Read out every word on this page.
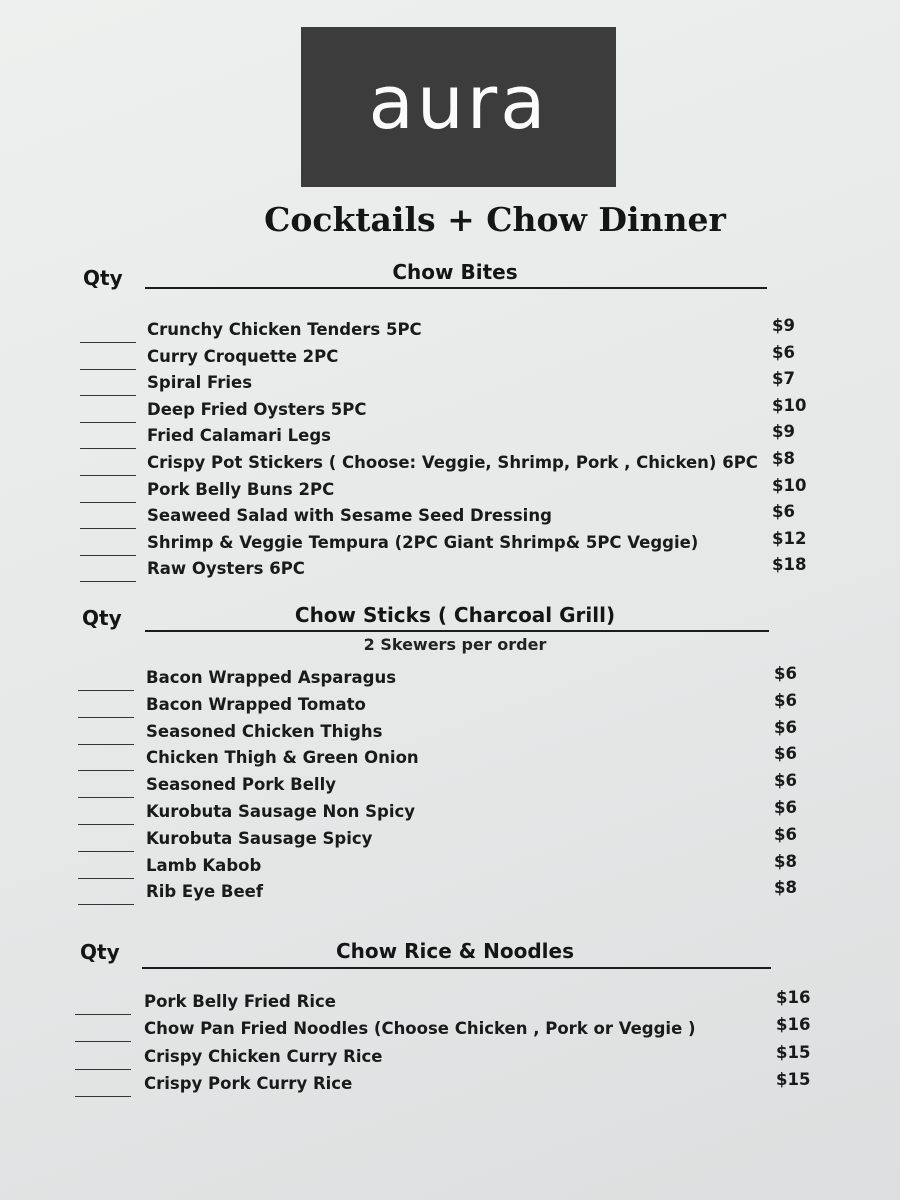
aura
Cocktails + Chow Dinner
Qty	Chow Bites
Qty	Chow Sticks ( Charcoal Grill)
2 Skewers per order
Qty	Chow Rice & Noodles
Crunchy Chicken Tenders 5PC	$9
Curry Croquette 2PC	$6
Spiral Fries	$7
Deep Fried Oysters 5PC	$10
Fried Calamari Legs	$9
Crispy Pot Stickers ( Choose: Veggie, Shrimp, Pork , Chicken) 6PC $8
Pork Belly Buns 2PC	$10
Seaweed Salad with Sesame Seed Dressing	$6
Shrimp & Veggie Tempura (2PC Giant Shrimp& 5PC Veggie)	$12
Raw Oysters 6PC	$18
Bacon Wrapped Asparagus	$6
Bacon Wrapped Tomato	$6
Seasoned Chicken Thighs	$6
Chicken Thigh & Green Onion	$6
Seasoned Pork Belly	$6
Kurobuta Sausage Non Spicy	$6
Kurobuta Sausage Spicy	$6
Lamb Kabob	$8
Rib Eye Beef	$8
Pork Belly Fried Rice	$16
Chow Pan Fried Noodles (Choose Chicken , Pork or Veggie )	$16
Crispy Chicken Curry Rice	$15
Crispy Pork Curry Rice	$15
